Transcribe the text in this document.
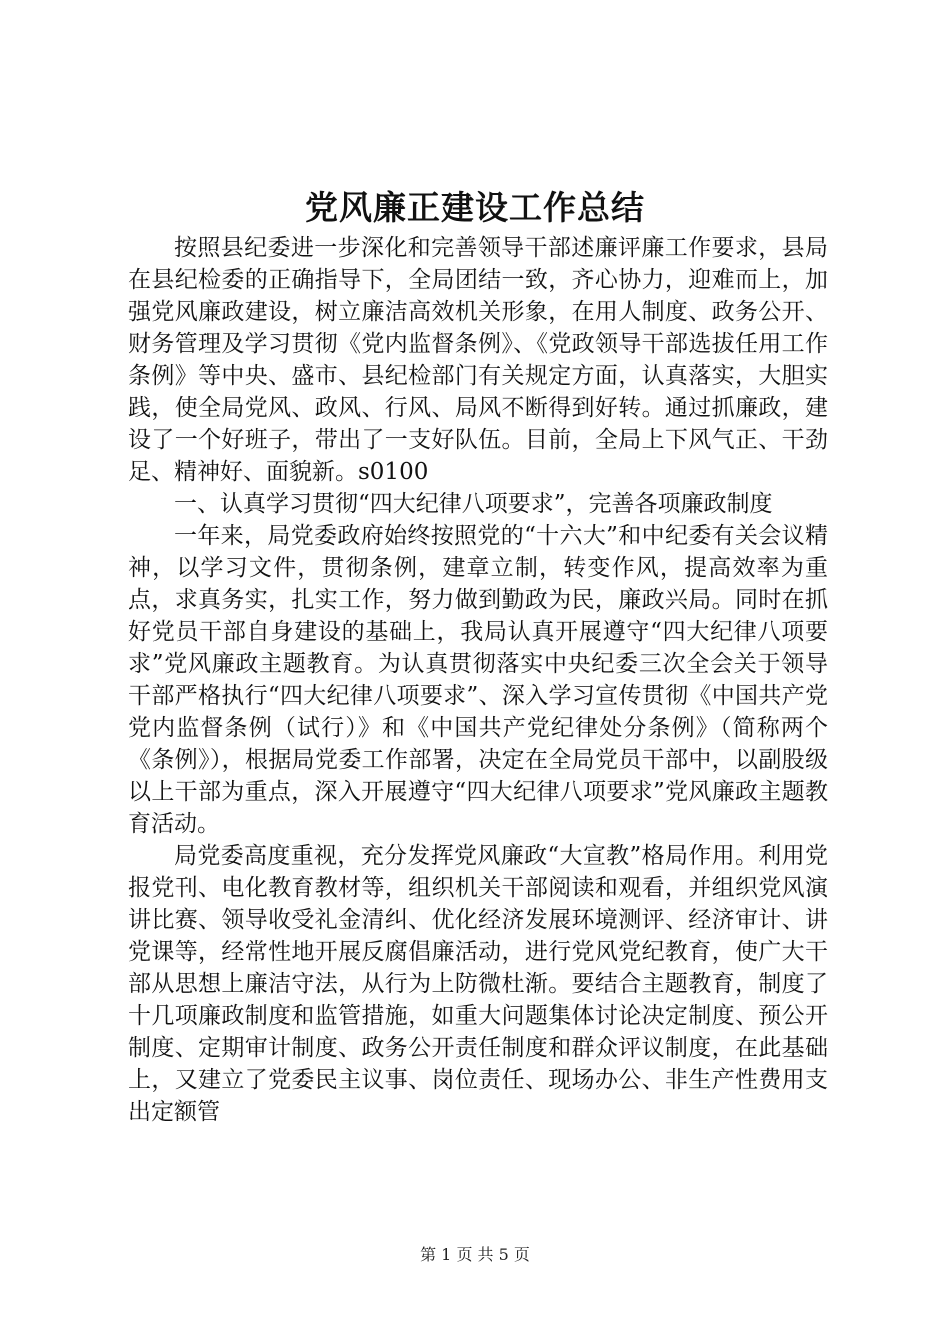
党风廉正建设工作总结

按照县纪委进一步深化和完善领导干部述廉评廉工作要求，县局在县纪检委的正确指导下，全局团结一致，齐心协力，迎难而上，加强党风廉政建设，树立廉洁高效机关形象，在用人制度、政务公开、财务管理及学习贯彻《党内监督条例》、《党政领导干部选拔任用工作条例》等中央、盛市、县纪检部门有关规定方面，认真落实，大胆实践，使全局党风、政风、行风、局风不断得到好转。通过抓廉政，建设了一个好班子，带出了一支好队伍。目前，全局上下风气正、干劲足、精神好、面貌新。s0100

一、认真学习贯彻“四大纪律八项要求”，完善各项廉政制度

一年来，局党委政府始终按照党的“十六大”和中纪委有关会议精神，以学习文件，贯彻条例，建章立制，转变作风，提高效率为重点，求真务实，扎实工作，努力做到勤政为民，廉政兴局。同时在抓好党员干部自身建设的基础上，我局认真开展遵守“四大纪律八项要求”党风廉政主题教育。为认真贯彻落实中央纪委三次全会关于领导干部严格执行“四大纪律八项要求”、深入学习宣传贯彻《中国共产党党内监督条例（试行）》和《中国共产党纪律处分条例》（简称两个《条例》），根据局党委工作部署，决定在全局党员干部中，以副股级以上干部为重点，深入开展遵守“四大纪律八项要求”党风廉政主题教育活动。

局党委高度重视，充分发挥党风廉政“大宣教”格局作用。利用党报党刊、电化教育教材等，组织机关干部阅读和观看，并组织党风演讲比赛、领导收受礼金清纠、优化经济发展环境测评、经济审计、讲党课等，经常性地开展反腐倡廉活动，进行党风党纪教育，使广大干部从思想上廉洁守法，从行为上防微杜渐。要结合主题教育，制度了十几项廉政制度和监管措施，如重大问题集体讨论决定制度、预公开制度、定期审计制度、政务公开责任制度和群众评议制度，在此基础上，又建立了党委民主议事、岗位责任、现场办公、非生产性费用支出定额管

第 1 页 共 5 页
